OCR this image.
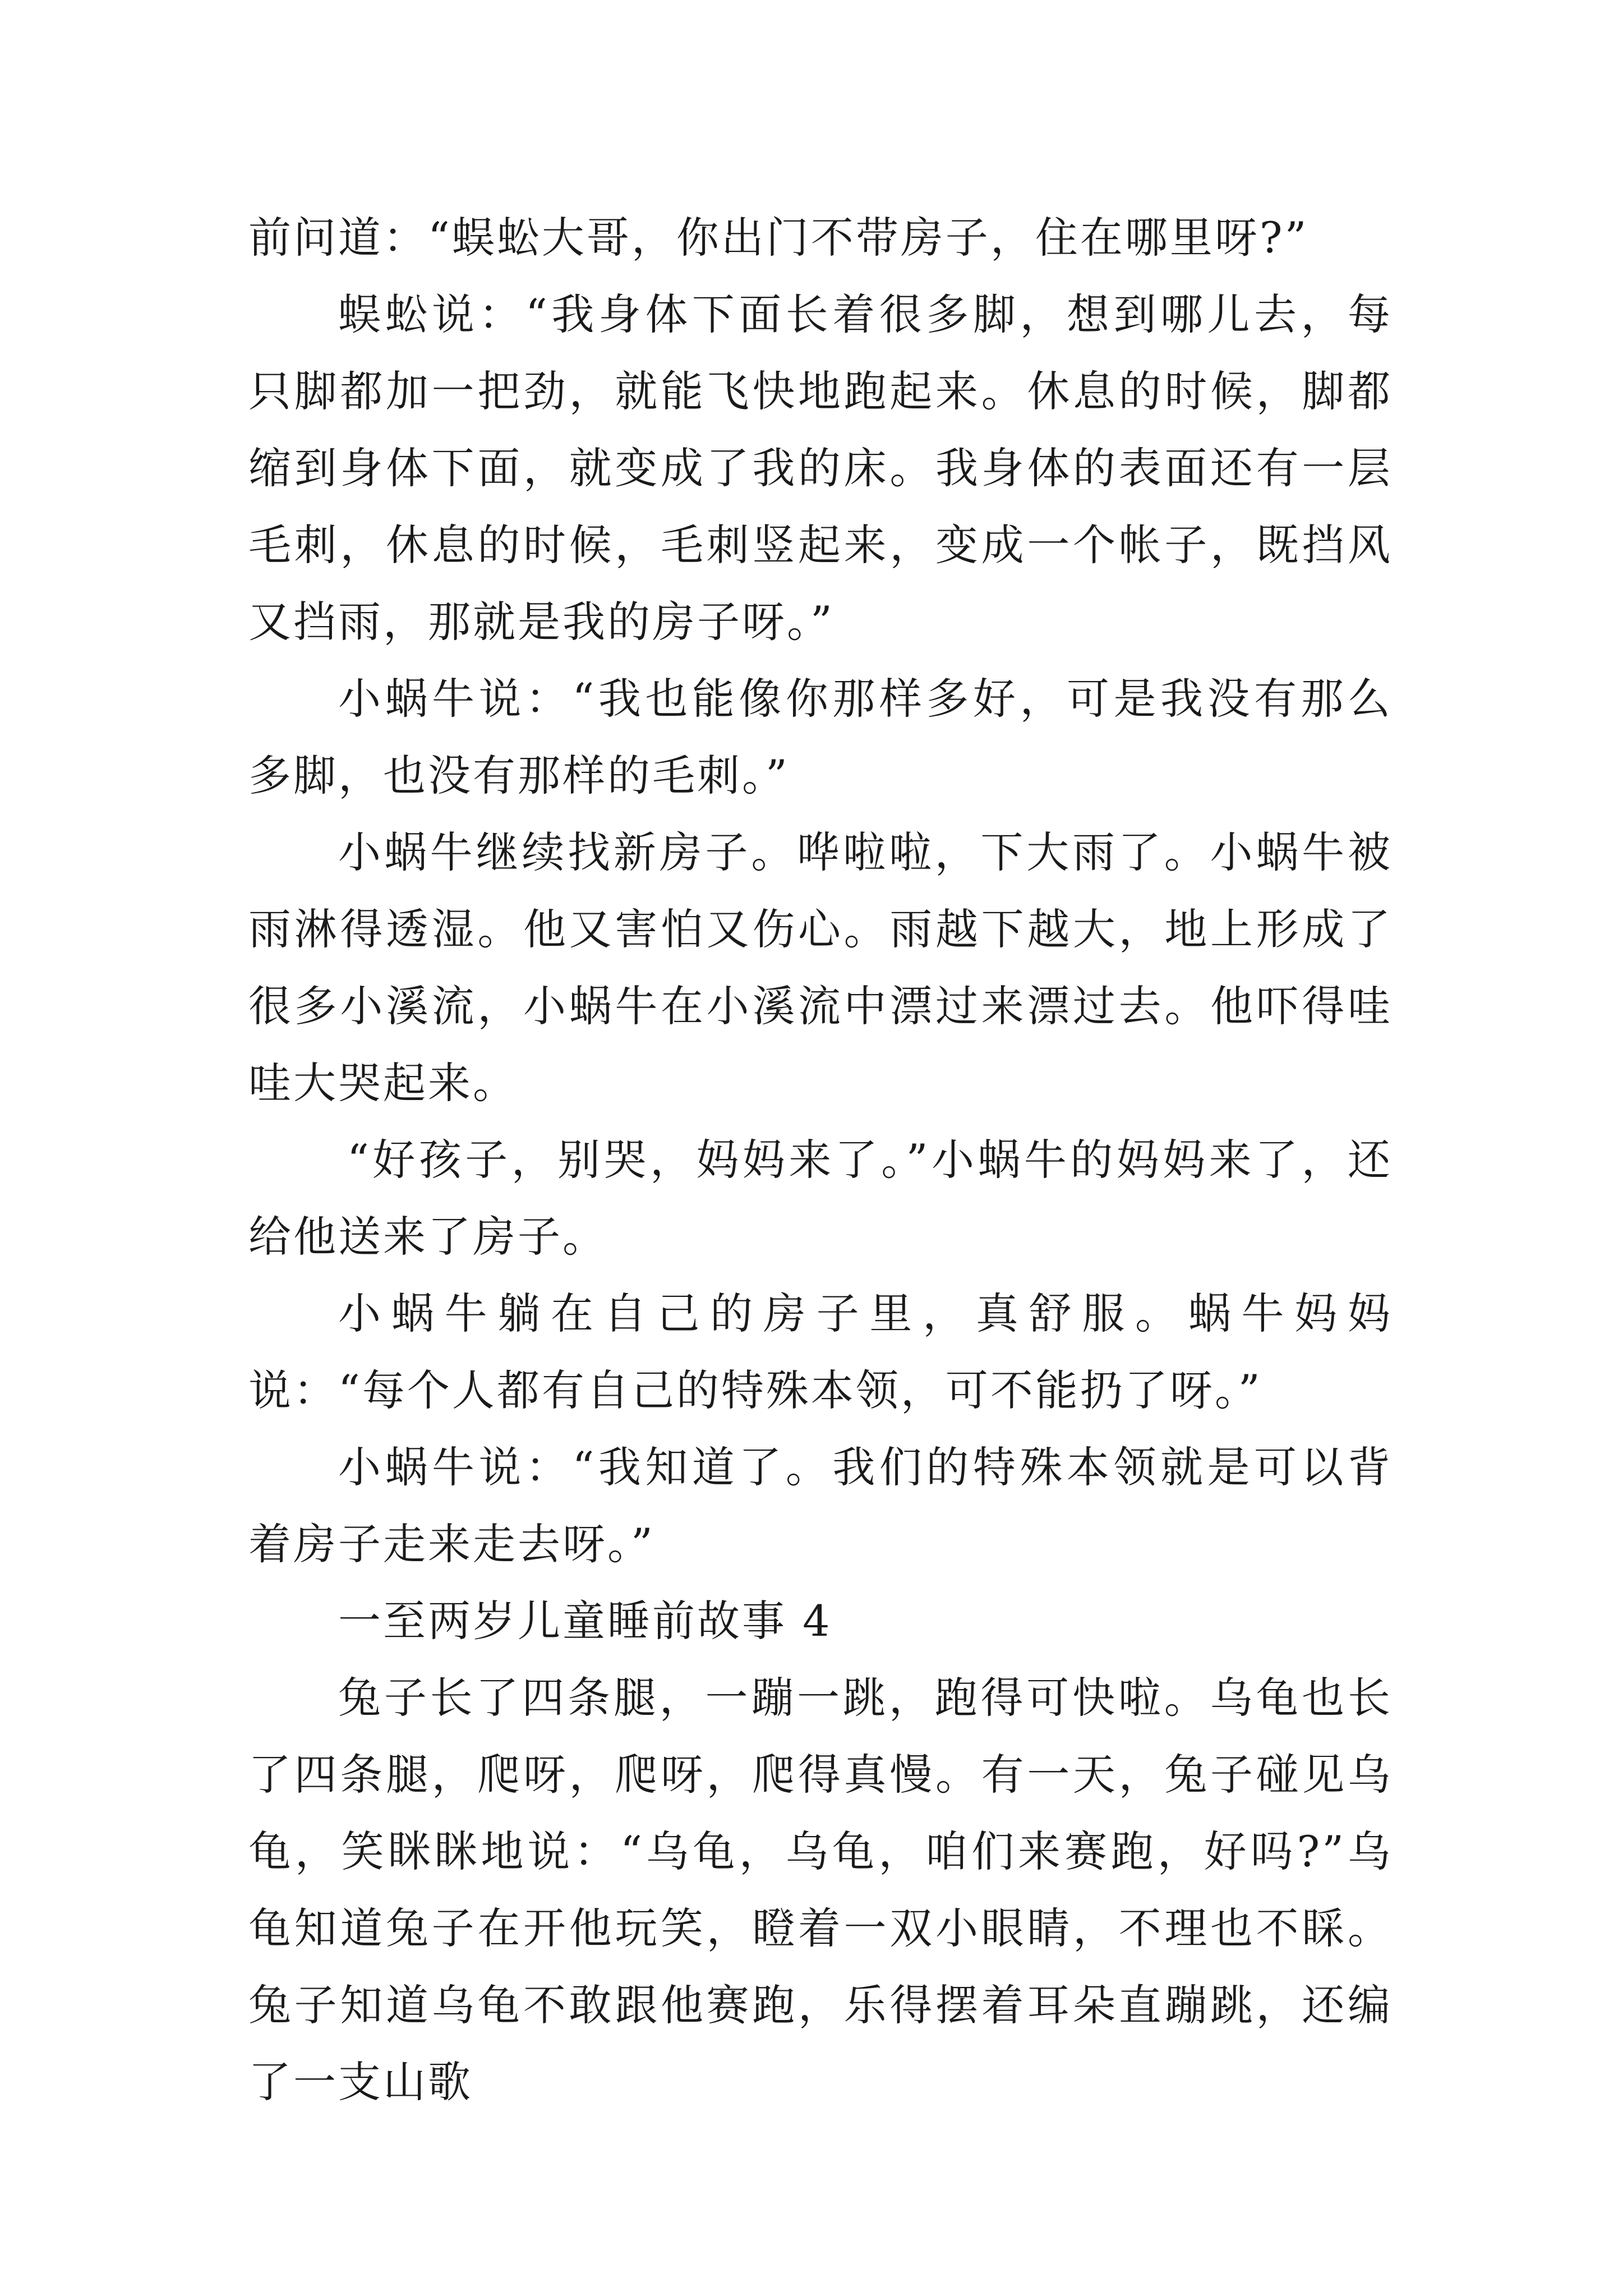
前问道：“蜈蚣大哥，你出门不带房子，住在哪里呀?”

蜈蚣说：“我身体下面长着很多脚，想到哪儿去，每只脚都加一把劲，就能飞快地跑起来。休息的时候，脚都缩到身体下面，就变成了我的床。我身体的表面还有一层毛刺，休息的时候，毛刺竖起来，变成一个帐子，既挡风又挡雨，那就是我的房子呀。”

小蜗牛说：“我也能像你那样多好，可是我没有那么多脚，也没有那样的毛刺。”

小蜗牛继续找新房子。哗啦啦，下大雨了。小蜗牛被雨淋得透湿。他又害怕又伤心。雨越下越大，地上形成了很多小溪流，小蜗牛在小溪流中漂过来漂过去。他吓得哇哇大哭起来。

“好孩子，别哭，妈妈来了。”小蜗牛的妈妈来了，还给他送来了房子。

小蜗牛躺在自己的房子里，真舒服。蜗牛妈妈说：“每个人都有自己的特殊本领，可不能扔了呀。”

小蜗牛说：“我知道了。我们的特殊本领就是可以背着房子走来走去呀。”

一至两岁儿童睡前故事 4

兔子长了四条腿，一蹦一跳，跑得可快啦。乌龟也长了四条腿，爬呀，爬呀，爬得真慢。有一天，兔子碰见乌龟，笑眯眯地说：“乌龟，乌龟，咱们来赛跑，好吗?”乌龟知道兔子在开他玩笑，瞪着一双小眼睛，不理也不睬。兔子知道乌龟不敢跟他赛跑，乐得摆着耳朵直蹦跳，还编了一支山歌
